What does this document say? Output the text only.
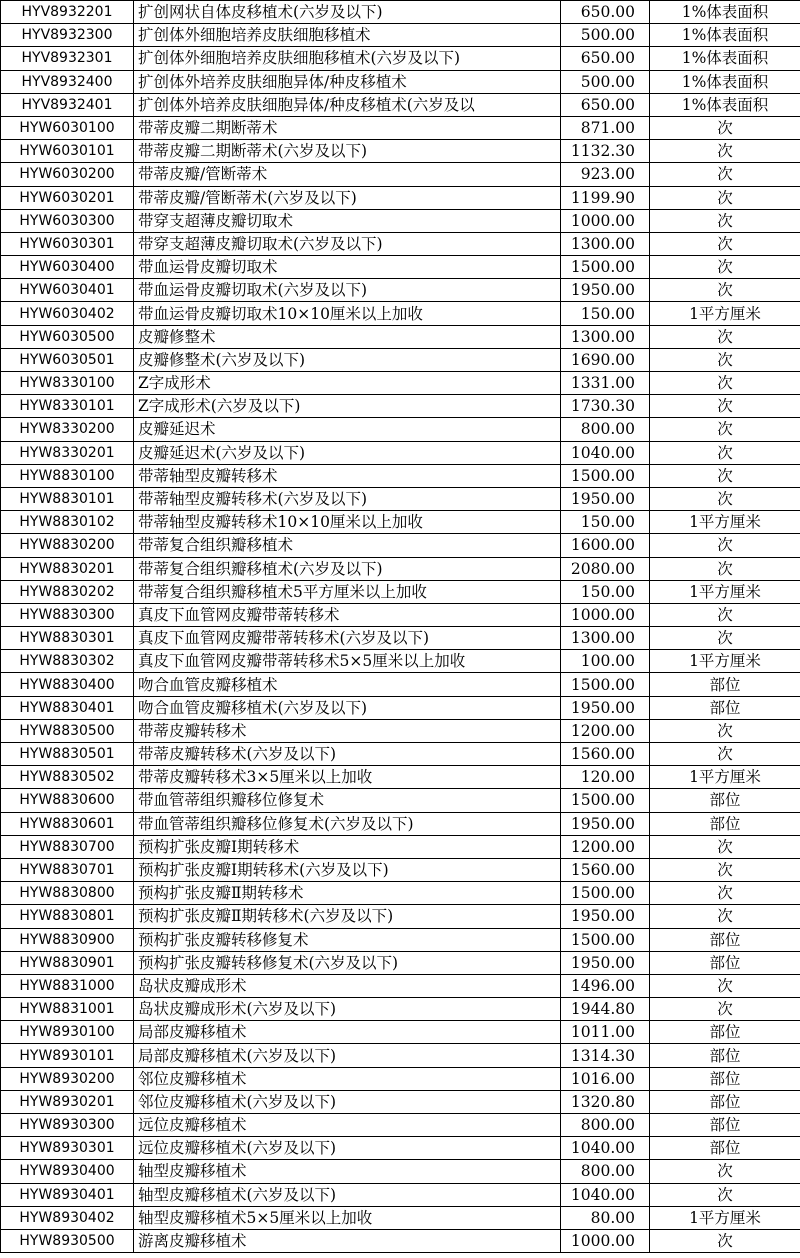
HYV8932201	扩创网状自体皮移植术(六岁及以下)	650.00	1%体表面积
HYV8932300	扩创体外细胞培养皮肤细胞移植术	500.00	1%体表面积
HYV8932301	扩创体外细胞培养皮肤细胞移植术(六岁及以下)	650.00	1%体表面积
HYV8932400	扩创体外培养皮肤细胞异体/种皮移植术	500.00	1%体表面积
HYV8932401	扩创体外培养皮肤细胞异体/种皮移植术(六岁及以	650.00	1%体表面积
HYW6030100	带蒂皮瓣二期断蒂术	871.00	次
HYW6030101	带蒂皮瓣二期断蒂术(六岁及以下)	1132.30	次
HYW6030200	带蒂皮瓣/管断蒂术	923.00	次
HYW6030201	带蒂皮瓣/管断蒂术(六岁及以下)	1199.90	次
HYW6030300	带穿支超薄皮瓣切取术	1000.00	次
HYW6030301	带穿支超薄皮瓣切取术(六岁及以下)	1300.00	次
HYW6030400	带血运骨皮瓣切取术	1500.00	次
HYW6030401	带血运骨皮瓣切取术(六岁及以下)	1950.00	次
HYW6030402	带血运骨皮瓣切取术10×10厘米以上加收	150.00	1平方厘米
HYW6030500	皮瓣修整术	1300.00	次
HYW6030501	皮瓣修整术(六岁及以下)	1690.00	次
HYW8330100	Z字成形术	1331.00	次
HYW8330101	Z字成形术(六岁及以下)	1730.30	次
HYW8330200	皮瓣延迟术	800.00	次
HYW8330201	皮瓣延迟术(六岁及以下)	1040.00	次
HYW8830100	带蒂轴型皮瓣转移术	1500.00	次
HYW8830101	带蒂轴型皮瓣转移术(六岁及以下)	1950.00	次
HYW8830102	带蒂轴型皮瓣转移术10×10厘米以上加收	150.00	1平方厘米
HYW8830200	带蒂复合组织瓣移植术	1600.00	次
HYW8830201	带蒂复合组织瓣移植术(六岁及以下)	2080.00	次
HYW8830202	带蒂复合组织瓣移植术5平方厘米以上加收	150.00	1平方厘米
HYW8830300	真皮下血管网皮瓣带蒂转移术	1000.00	次
HYW8830301	真皮下血管网皮瓣带蒂转移术(六岁及以下)	1300.00	次
HYW8830302	真皮下血管网皮瓣带蒂转移术5×5厘米以上加收	100.00	1平方厘米
HYW8830400	吻合血管皮瓣移植术	1500.00	部位
HYW8830401	吻合血管皮瓣移植术(六岁及以下)	1950.00	部位
HYW8830500	带蒂皮瓣转移术	1200.00	次
HYW8830501	带蒂皮瓣转移术(六岁及以下)	1560.00	次
HYW8830502	带蒂皮瓣转移术3×5厘米以上加收	120.00	1平方厘米
HYW8830600	带血管蒂组织瓣移位修复术	1500.00	部位
HYW8830601	带血管蒂组织瓣移位修复术(六岁及以下)	1950.00	部位
HYW8830700	预构扩张皮瓣Ⅰ期转移术	1200.00	次
HYW8830701	预构扩张皮瓣Ⅰ期转移术(六岁及以下)	1560.00	次
HYW8830800	预构扩张皮瓣Ⅱ期转移术	1500.00	次
HYW8830801	预构扩张皮瓣Ⅱ期转移术(六岁及以下)	1950.00	次
HYW8830900	预构扩张皮瓣转移修复术	1500.00	部位
HYW8830901	预构扩张皮瓣转移修复术(六岁及以下)	1950.00	部位
HYW8831000	岛状皮瓣成形术	1496.00	次
HYW8831001	岛状皮瓣成形术(六岁及以下)	1944.80	次
HYW8930100	局部皮瓣移植术	1011.00	部位
HYW8930101	局部皮瓣移植术(六岁及以下)	1314.30	部位
HYW8930200	邻位皮瓣移植术	1016.00	部位
HYW8930201	邻位皮瓣移植术(六岁及以下)	1320.80	部位
HYW8930300	远位皮瓣移植术	800.00	部位
HYW8930301	远位皮瓣移植术(六岁及以下)	1040.00	部位
HYW8930400	轴型皮瓣移植术	800.00	次
HYW8930401	轴型皮瓣移植术(六岁及以下)	1040.00	次
HYW8930402	轴型皮瓣移植术5×5厘米以上加收	80.00	1平方厘米
HYW8930500	游离皮瓣移植术	1000.00	次
